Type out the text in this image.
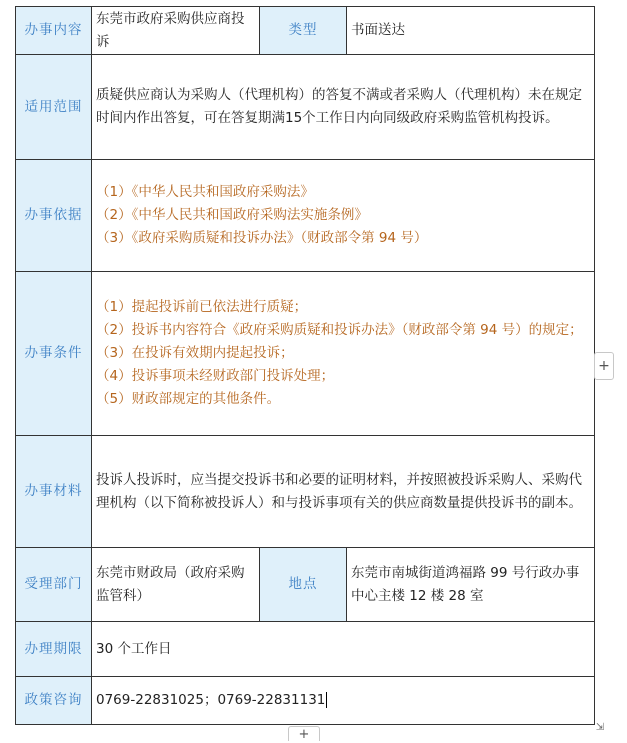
办事内容	东莞市政府采购供应商投诉	类型	书面送达
适用范围	质疑供应商认为采购人（代理机构）的答复不满或者采购人（代理机构）未在规定时间内作出答复，可在答复期满15个工作日内向同级政府采购监管机构投诉。		
办事依据	（1）《中华人民共和国政府采购法》
（2）《中华人民共和国政府采购法实施条例》
（3）《政府采购质疑和投诉办法》（财政部令第 94 号）		

办事条件	（1）提起投诉前已依法进行质疑；
（2）投诉书内容符合《政府采购质疑和投诉办法》（财政部令第 94 号）的规定；
（3）在投诉有效期内提起投诉；
（4）投诉事项未经财政部门投诉处理；
（5）财政部规定的其他条件。		

办事材料	投诉人投诉时，应当提交投诉书和必要的证明材料，并按照被投诉采购人、采购代理机构（以下简称被投诉人）和与投诉事项有关的供应商数量提供投诉书的副本。		
受理部门	东莞市财政局（政府采购监管科）	地点	东莞市南城街道鸿福路 99 号行政办事中心主楼 12 楼 28 室
办理期限	30 个工作日		
政策咨询	0769-22831025；0769-22831131		
+
+	⇲
